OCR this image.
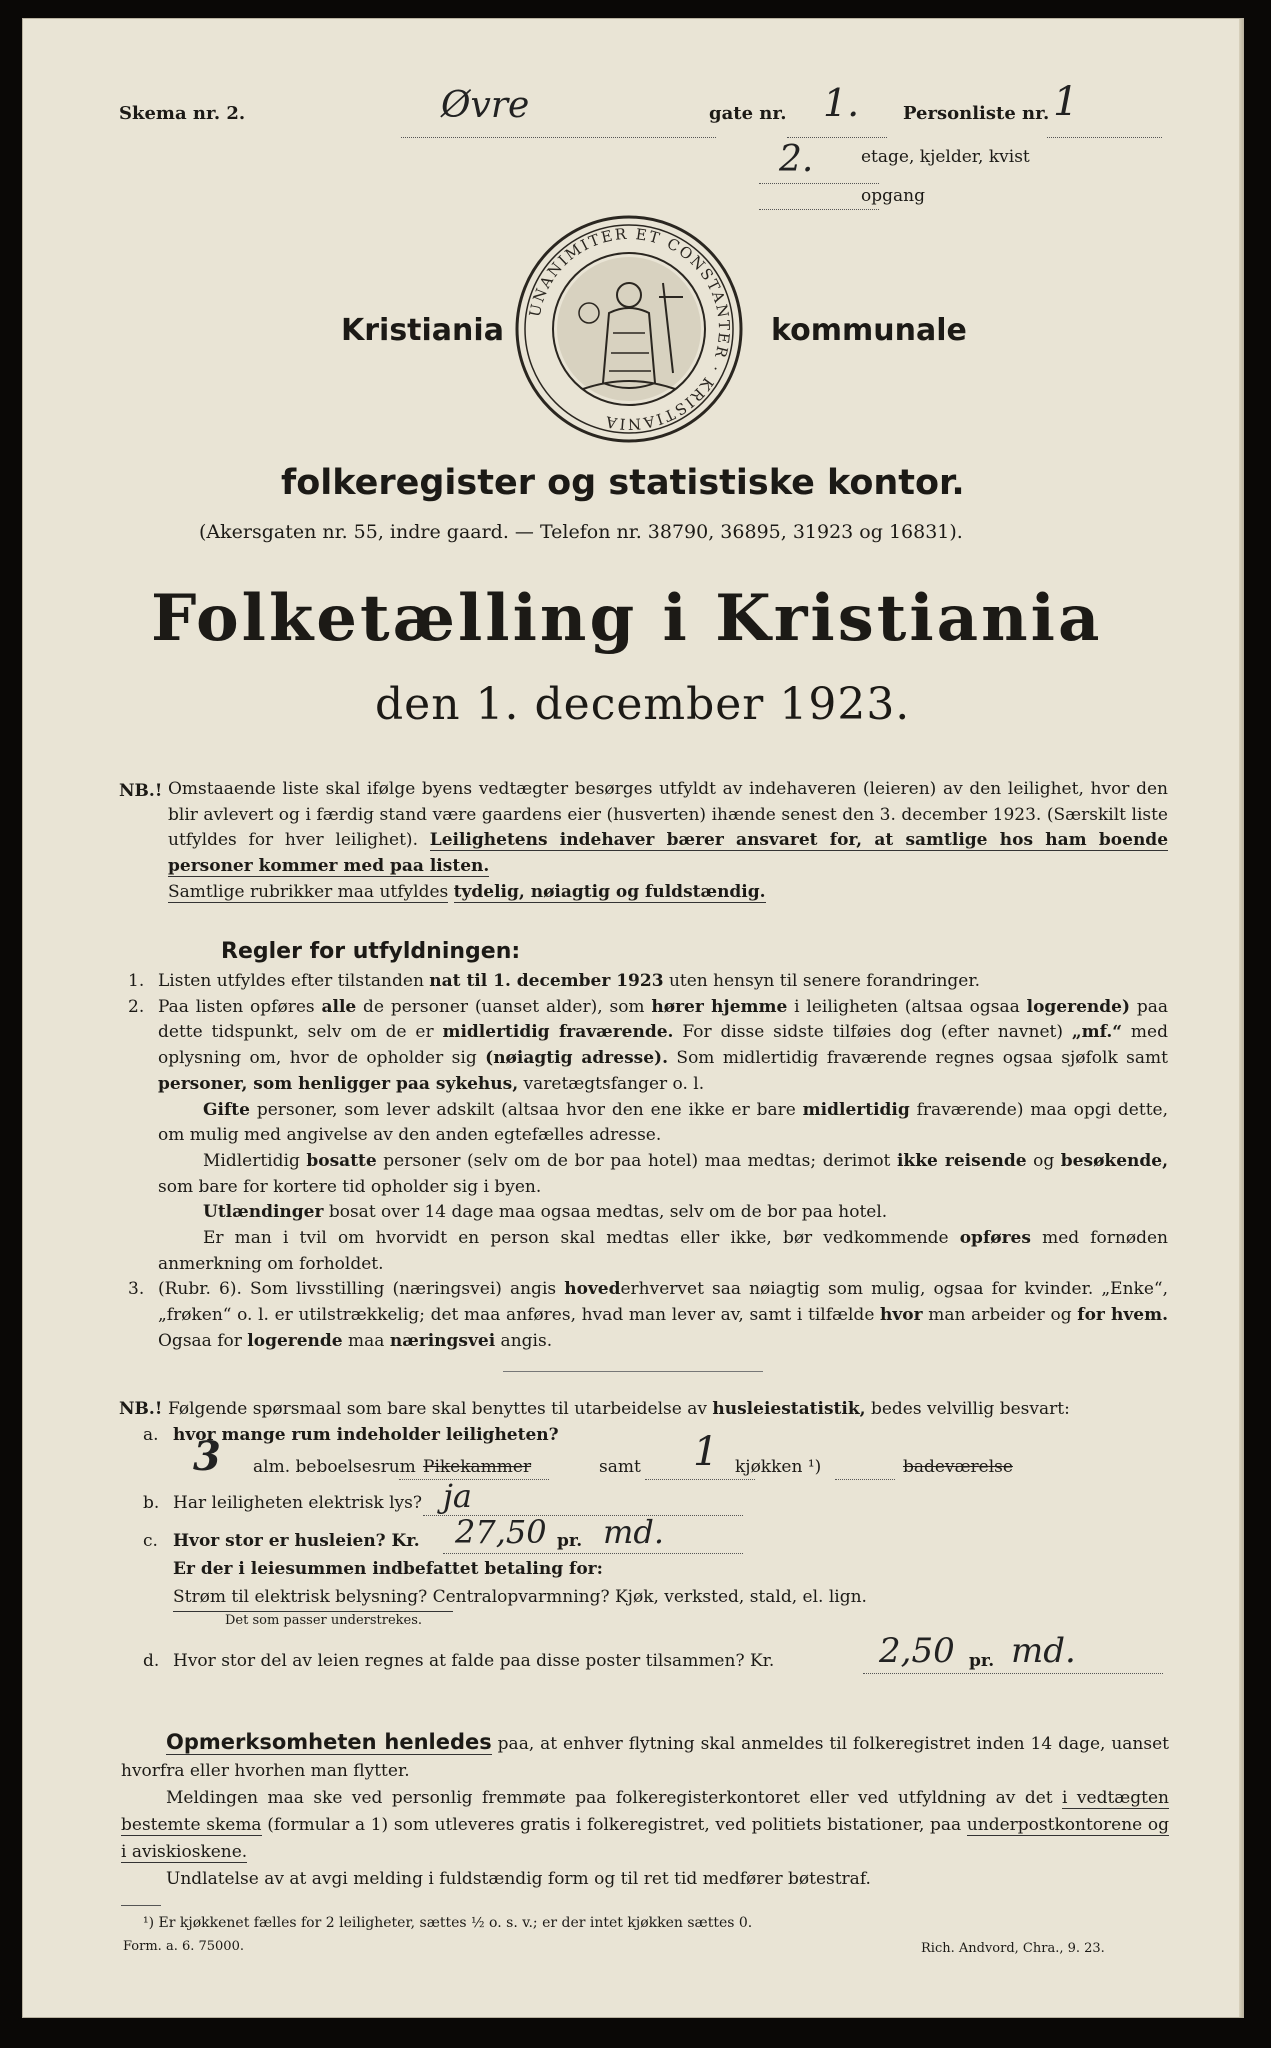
Skema nr. 2.	Øvre	gate nr. 1. Personliste nr. 1
2.	etage, kjelder, kvist
opgang
Kristiania	kommunale
UNANIMITER ET CONSTANTER · KRISTIANIA
folkeregister og statistiske kontor.
(Akersgaten nr. 55, indre gaard. — Telefon nr. 38790, 36895, 31923 og 16831).
Folketælling i Kristiania
den 1. december 1923.
NB.! Omstaaende liste skal ifølge byens vedtægter besørges utfyldt av indehaveren (leieren) av den leilighet, hvor den blir avlevert og i færdig stand være gaardens eier (husverten) ihænde senest den 3. december 1923. (Særskilt liste utfyldes for hver leilighet). Leilighetens indehaver bærer ansvaret for, at samtlige hos ham boende personer kommer med paa listen.

Samtlige rubrikker maa utfyldes tydelig, nøiagtig og fuldstændig.

Regler for utfyldningen:

1. Listen utfyldes efter tilstanden nat til 1. december 1923 uten hensyn til senere forandringer.

2. Paa listen opføres alle de personer (uanset alder), som hører hjemme i leiligheten (altsaa ogsaa logerende) paa dette tidspunkt, selv om de er midlertidig fraværende. For disse sidste tilføies dog (efter navnet) „mf.“ med oplysning om, hvor de opholder sig (nøiagtig adresse). Som midlertidig fraværende regnes ogsaa sjøfolk samt personer, som henligger paa sykehus, varetægtsfanger o. l.

Gifte personer, som lever adskilt (altsaa hvor den ene ikke er bare midlertidig fraværende) maa opgi dette, om mulig med angivelse av den anden egtefælles adresse.

Midlertidig bosatte personer (selv om de bor paa hotel) maa medtas; derimot ikke reisende og besøkende, som bare for kortere tid opholder sig i byen.

Utlændinger bosat over 14 dage maa ogsaa medtas, selv om de bor paa hotel.

Er man i tvil om hvorvidt en person skal medtas eller ikke, bør vedkommende opføres med fornøden anmerkning om forholdet.

3. (Rubr. 6). Som livsstilling (næringsvei) angis hovederhvervet saa nøiagtig som mulig, ogsaa for kvinder. „Enke“, „frøken“ o. l. er utilstrækkelig; det maa anføres, hvad man lever av, samt i tilfælde hvor man arbeider og for hvem. Ogsaa for logerende maa næringsvei angis.

NB.! Følgende spørsmaal som bare skal benyttes til utarbeidelse av husleiestatistik, bedes velvillig besvart:
a. hvor mange rum indeholder leiligheten?
3 alm. beboelsesrum Pikekammer	samt 1 kjøkken ¹)	badeværelse
b. Har leiligheten elektrisk lys? ja
c. Hvor stor er husleien? Kr. 27,50 pr. md.
Er der i leiesummen indbefattet betaling for:
Strøm til elektrisk belysning? Centralopvarmning? Kjøk, verksted, stald, el. lign.
Det som passer understrekes.
d. Hvor stor del av leien regnes at falde paa disse poster tilsammen? Kr.	2,50 pr. md.

Opmerksomheten henledes paa, at enhver flytning skal anmeldes til folkeregistret inden 14 dage, uanset hvorfra eller hvorhen man flytter.

Meldingen maa ske ved personlig fremmøte paa folkeregisterkontoret eller ved utfyldning av det i vedtægten bestemte skema (formular a 1) som utleveres gratis i folkeregistret, ved politiets bistationer, paa underpostkontorene og i aviskioskene.

Undlatelse av at avgi melding i fuldstændig form og til ret tid medfører bøtestraf.

¹) Er kjøkkenet fælles for 2 leiligheter, sættes ½ o. s. v.; er der intet kjøkken sættes 0.
Form. a. 6. 75000.	Rich. Andvord, Chra., 9. 23.
